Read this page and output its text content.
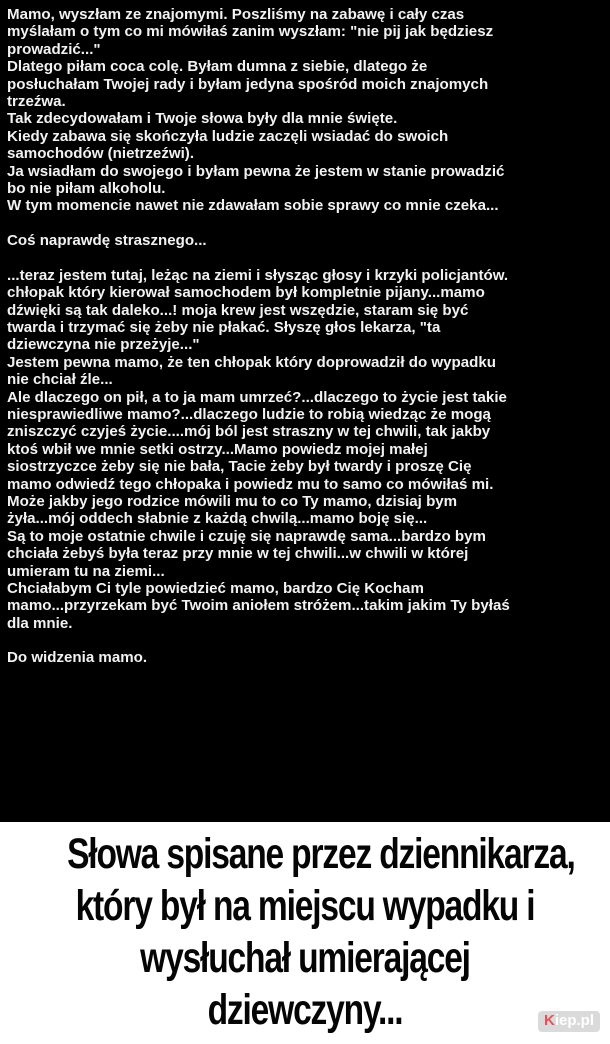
Mamo, wyszłam ze znajomymi. Poszliśmy na zabawę i cały czas
myślałam o tym co mi mówiłaś zanim wyszłam: "nie pij jak będziesz
prowadzić..."
Dlatego piłam coca colę. Byłam dumna z siebie, dlatego że
posłuchałam Twojej rady i byłam jedyna spośród moich znajomych
trzeźwa.
Tak zdecydowałam i Twoje słowa były dla mnie święte.
Kiedy zabawa się skończyła ludzie zaczęli wsiadać do swoich
samochodów (nietrzeźwi).
Ja wsiadłam do swojego i byłam pewna że jestem w stanie prowadzić
bo nie piłam alkoholu.
W tym momencie nawet nie zdawałam sobie sprawy co mnie czeka...
Coś naprawdę strasznego...
...teraz jestem tutaj, leżąc na ziemi i słysząc głosy i krzyki policjantów.
chłopak który kierował samochodem był kompletnie pijany...mamo
dźwięki są tak daleko...! moja krew jest wszędzie, staram się być
twarda i trzymać się żeby nie płakać. Słyszę głos lekarza, "ta
dziewczyna nie przeżyje..."
Jestem pewna mamo, że ten chłopak który doprowadził do wypadku
nie chciał źle...
Ale dlaczego on pił, a to ja mam umrzeć?...dlaczego to życie jest takie
niesprawiedliwe mamo?...dlaczego ludzie to robią wiedząc że mogą
zniszczyć czyjeś życie....mój ból jest straszny w tej chwili, tak jakby
ktoś wbił we mnie setki ostrzy...Mamo powiedz mojej małej
siostrzyczce żeby się nie bała, Tacie żeby był twardy i proszę Cię
mamo odwiedź tego chłopaka i powiedz mu to samo co mówiłaś mi.
Może jakby jego rodzice mówili mu to co Ty mamo, dzisiaj bym
żyła...mój oddech słabnie z każdą chwilą...mamo boję się...
Są to moje ostatnie chwile i czuję się naprawdę sama...bardzo bym
chciała żebyś była teraz przy mnie w tej chwili...w chwili w której
umieram tu na ziemi...
Chciałabym Ci tyle powiedzieć mamo, bardzo Cię Kocham
mamo...przyrzekam być Twoim aniołem stróżem...takim jakim Ty byłaś
dla mnie.
Do widzenia mamo.
Słowa spisane przez dziennikarza,
który był na miejscu wypadku i
wysłuchał umierającej
dziewczyny...	Kiep.pl
